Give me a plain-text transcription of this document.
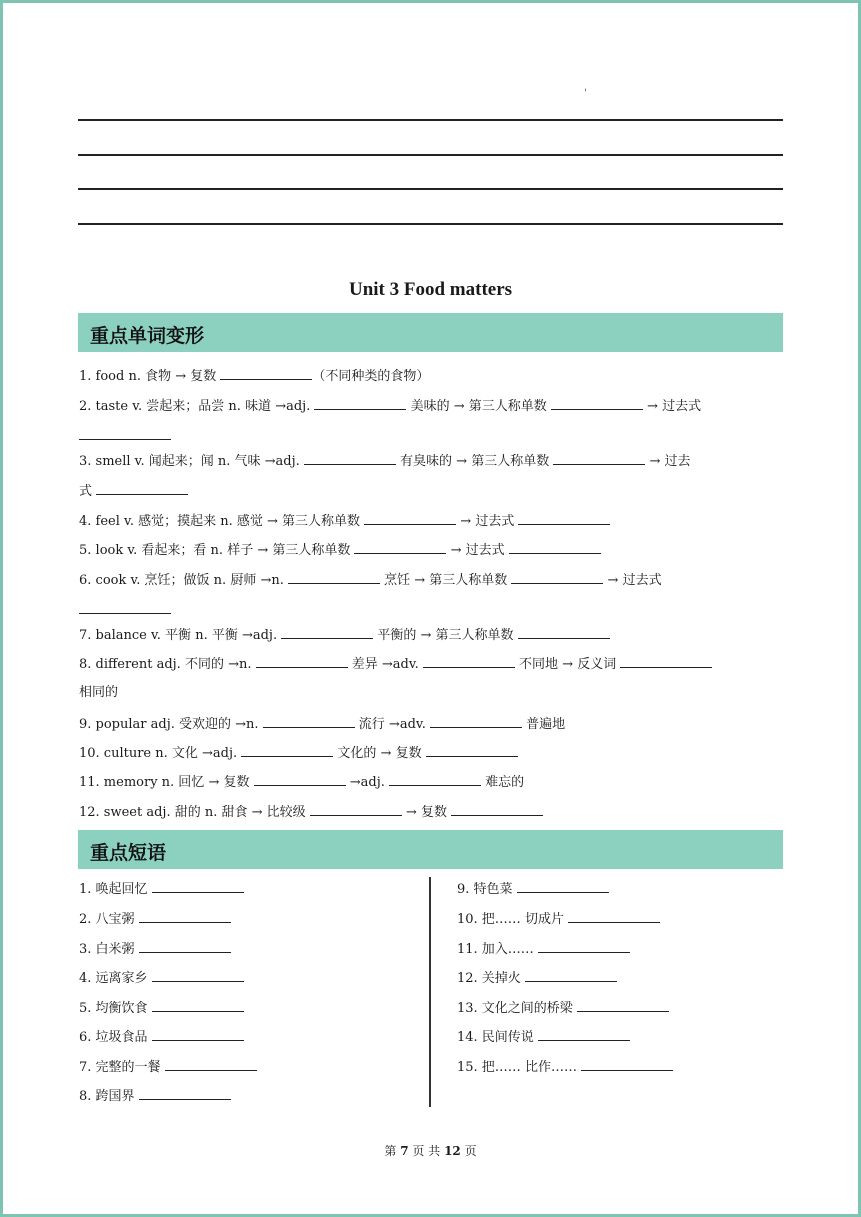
'
Unit 3 Food matters
重点单词变形
1. food n. 食物 → 复数	（不同种类的食物）
2. taste v. 尝起来；品尝 n. 味道 →adj.	美味的 → 第三人称单数	→ 过去式
3. smell v. 闻起来；闻 n. 气味 →adj.	有臭味的 → 第三人称单数	→ 过去
式
4. feel v. 感觉；摸起来 n. 感觉 → 第三人称单数	→ 过去式
5. look v. 看起来；看 n. 样子 → 第三人称单数	→ 过去式
6. cook v. 烹饪；做饭 n. 厨师 →n.	烹饪 → 第三人称单数	→ 过去式
7. balance v. 平衡 n. 平衡 →adj.	平衡的 → 第三人称单数
8. different adj. 不同的 →n.	差异 →adv.	不同地 → 反义词
相同的
9. popular adj. 受欢迎的 →n.	流行 →adv.	普遍地
10. culture n. 文化 →adj.	文化的 → 复数
11. memory n. 回忆 → 复数	→adj.	难忘的
12. sweet adj. 甜的 n. 甜食 → 比较级	→ 复数
重点短语
1. 唤起回忆
2. 八宝粥
3. 白米粥
4. 远离家乡
5. 均衡饮食
6. 垃圾食品
7. 完整的一餐
8. 跨国界
9. 特色菜
10. 把…… 切成片
11. 加入……
12. 关掉火
13. 文化之间的桥梁
14. 民间传说
15. 把…… 比作……
第 7 页 共 12 页
